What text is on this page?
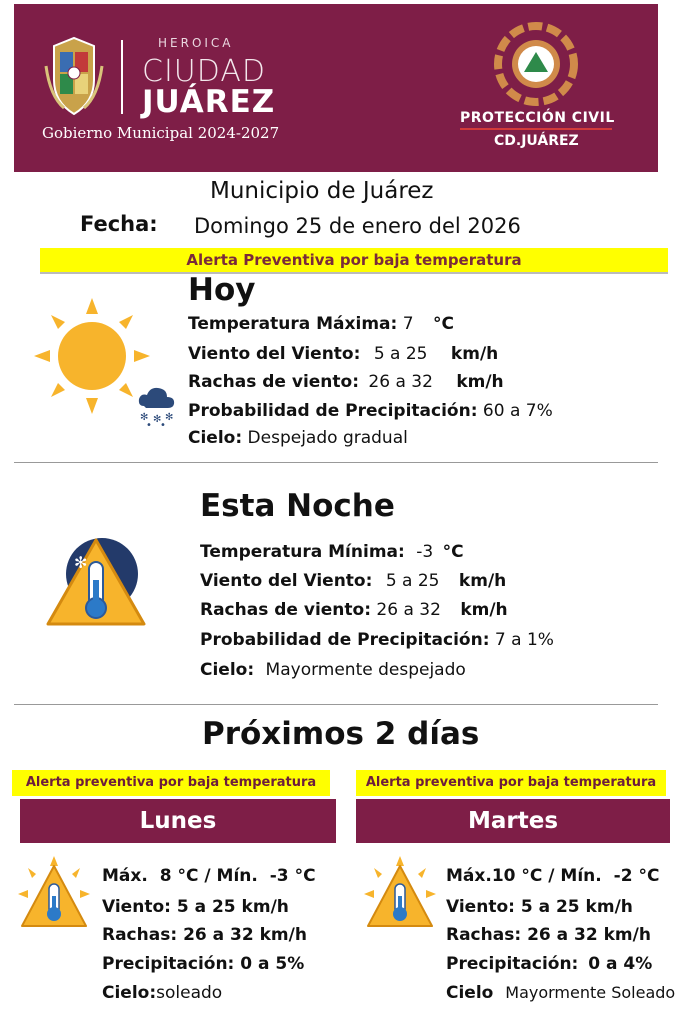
HEROICA
CIUDAD
JUÁREZ
Gobierno Municipal 2024-2027
PROTECCIÓN CIVIL
CD.JUÁREZ
Municipio de Juárez
Fecha: Domingo 25 de enero del 2026
Alerta Preventiva por baja temperatura
✻ ✻ ✻
• •
Hoy
Temperatura Máxima: 7 °C
Viento del Viento: 5 a 25 km/h
Rachas de viento: 26 a 32 km/h
Probabilidad de Precipitación: 60 a 7%
Cielo: Despejado gradual
✻
Esta Noche
Temperatura Mínima: -3 °C
Viento del Viento: 5 a 25 km/h
Rachas de viento: 26 a 32 km/h
Probabilidad de Precipitación: 7 a 1%
Cielo: Mayormente despejado
Próximos 2 días
Alerta preventiva por baja temperatura
Lunes
Máx. 8 °C / Mín. -3 °C
Viento: 5 a 25 km/h
Rachas: 26 a 32 km/h
Precipitación: 0 a 5%
Cielo:soleado
Alerta preventiva por baja temperatura
Martes
Máx.10 °C / Mín. -2 °C
Viento: 5 a 25 km/h
Rachas: 26 a 32 km/h
Precipitación: 0 a 4%
Cielo Mayormente Soleado
